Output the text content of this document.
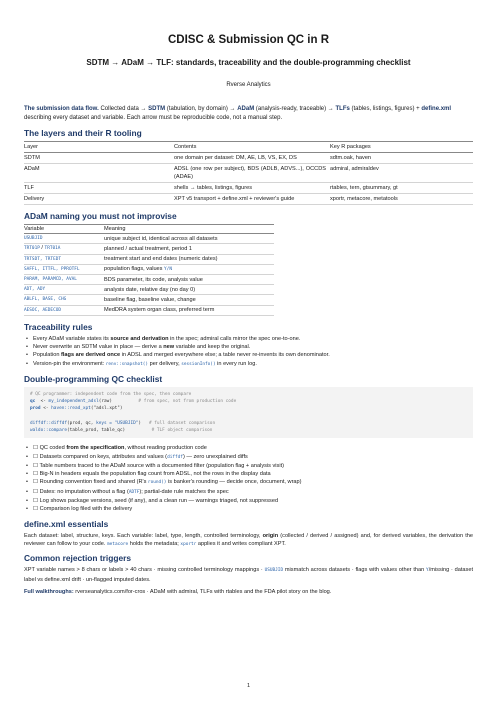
CDISC & Submission QC in R
SDTM → ADaM → TLF: standards, traceability and the double-programming checklist
Rverse Analytics

The submission data flow. Collected data → SDTM (tabulation, by domain) → ADaM (analysis-ready, traceable) → TLFs (tables, listings, figures) + define.xml describing every dataset and variable. Each arrow must be reproducible code, not a manual step.

The layers and their R tooling
Layer	Contents	Key R packages
SDTM	one domain per dataset: DM, AE, LB, VS, EX, DS	sdtm.oak, haven
ADaM	ADSL (one row per subject), BDS (ADLB, ADVS...), OCCDS (ADAE)	admiral, admiraldev
TLF	shells → tables, listings, figures	rtables, tern, gtsummary, gt
Delivery	XPT v5 transport + define.xml + reviewer's guide	xportr, metacore, metatools
ADaM naming you must not improvise
Variable	Meaning
USUBJID	unique subject id, identical across all datasets
TRT01P / TRT01A	planned / actual treatment, period 1
TRTSDT, TRTEDT	treatment start and end dates (numeric dates)
SAFFL, ITTFL, PPROTFL	population flags, values Y/N
PARAM, PARAMCD, AVAL	BDS parameter, its code, analysis value
ADT, ADY	analysis date, relative day (no day 0)
ABLFL, BASE, CHG	baseline flag, baseline value, change
AESOC, AEDECOD	MedDRA system organ class, preferred term
Traceability rules
• Every ADaM variable states its source and derivation in the spec; admiral calls mirror the spec one-to-one.
• Never overwrite an SDTM value in place — derive a new variable and keep the original.
• Population flags are derived once in ADSL and merged everywhere else; a table never re-invents its own denominator.
• Version-pin the environment: renv::snapshot() per delivery, sessionInfo() in every run log.
Double-programming QC checklist
# QC programmer: independent code from the spec, then compare
qc  <- my_independent_adsl(raw)	# from spec, not from production code
prod <- haven::read_xpt("adsl.xpt")

diffdf::diffdf(prod, qc, keys = "USUBJID") # full dataset comparison
waldo::compare(table_prod, table_qc)	# TLF object comparison
• ☐ QC coded from the specification, without reading production code
• ☐ Datasets compared on keys, attributes and values (diffdf) — zero unexplained diffs
• ☐ Table numbers traced to the ADaM source with a documented filter (population flag + analysis visit)
• ☐ Big-N in headers equals the population flag count from ADSL, not the rows in the display data
• ☐ Rounding convention fixed and shared (R's round() is banker's rounding — decide once, document, wrap)
• ☐ Dates: no imputation without a flag (ADTF); partial-date rule matches the spec
• ☐ Log shows package versions, seed (if any), and a clean run — warnings triaged, not suppressed
• ☐ Comparison log filed with the delivery
define.xml essentials

Each dataset: label, structure, keys. Each variable: label, type, length, controlled terminology, origin (collected / derived / assigned) and, for derived variables, the derivation the reviewer can follow to your code. metacore holds the metadata; xportr applies it and writes compliant XPT.

Common rejection triggers

XPT variable names > 8 chars or labels > 40 chars · missing controlled terminology mappings · USUBJID mismatch across datasets · flags with values other than Y/missing · dataset label vs define.xml drift · un-flagged imputed dates.

Full walkthroughs: rverseanalytics.com/for-cros · ADaM with admiral, TLFs with rtables and the FDA pilot story on the blog.

1
